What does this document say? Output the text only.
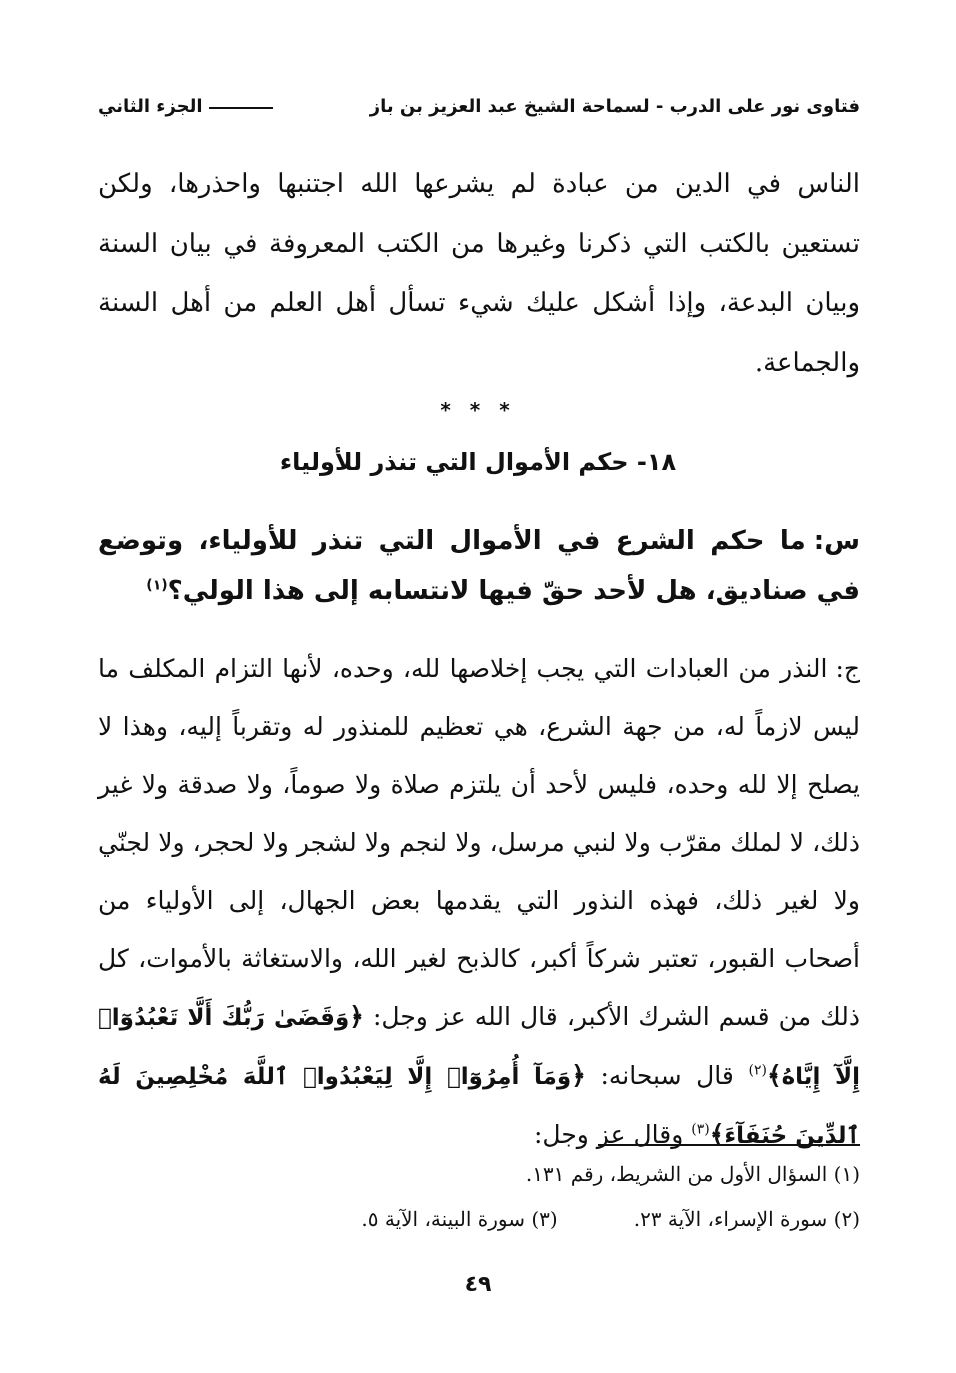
فتاوى نور على الدرب - لسماحة الشيخ عبد العزيز بن باز
الجزء الثاني

الناس في الدين من عبادة لم يشرعها الله اجتنبها واحذرها، ولكن تستعين بالكتب التي ذكرنا وغيرها من الكتب المعروفة في بيان السنة وبيان البدعة، وإذا أشكل عليك شيء تسأل أهل العلم من أهل السنة والجماعة.

* * *
١٨- حكم الأموال التي تنذر للأولياء

س:ما حكم الشرع في الأموال التي تنذر للأولياء، وتوضع في صناديق، هل لأحد حقّ فيها لانتسابه إلى هذا الولي؟$^{(١)}$

ج:النذر من العبادات التي يجب إخلاصها لله، وحده، لأنها التزام المكلف ما ليس لازماً له، من جهة الشرع، هي تعظيم للمنذور له وتقرباً إليه، وهذا لا يصلح إلا لله وحده، فليس لأحد أن يلتزم صلاة ولا صوماً، ولا صدقة ولا غير ذلك، لا لملك مقرّب ولا لنبي مرسل، ولا لنجم ولا لشجر ولا لحجر، ولا لجنّي ولا لغير ذلك، فهذه النذور التي يقدمها بعض الجهال، إلى الأولياء من أصحاب القبور، تعتبر شركاً أكبر، كالذبح لغير الله، والاستغاثة بالأموات، كل ذلك من قسم الشرك الأكبر، قال الله عز وجل: ﴿وَقَضَىٰ رَبُّكَ أَلَّا تَعْبُدُوٓا۟ إِلَّآ إِيَّاهُ﴾$^{(٢)}$ قال سبحانه: ﴿وَمَآ أُمِرُوٓا۟ إِلَّا لِيَعْبُدُوا۟ ٱللَّهَ مُخْلِصِينَ لَهُ ٱلدِّينَ حُنَفَآءَ﴾$^{(٣)}$ وقال عز وجل:

(١) السؤال الأول من الشريط، رقم ١٣١.
(٢) سورة الإسراء، الآية ٢٣.
(٣) سورة البينة، الآية ٥.
٤٩
